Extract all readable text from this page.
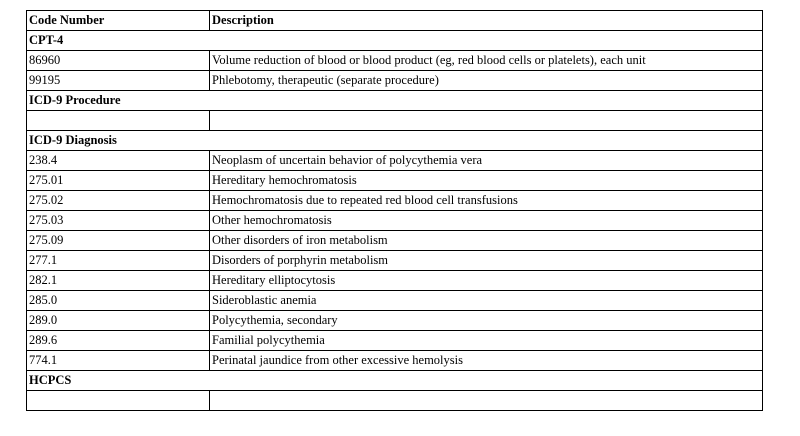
Code Number	Description
CPT-4	
86960	Volume reduction of blood or blood product (eg, red blood cells or platelets), each unit
99195	Phlebotomy, therapeutic (separate procedure)
ICD-9 Procedure	

ICD-9 Diagnosis	
238.4	Neoplasm of uncertain behavior of polycythemia vera
275.01	Hereditary hemochromatosis
275.02	Hemochromatosis due to repeated red blood cell transfusions
275.03	Other hemochromatosis
275.09	Other disorders of iron metabolism
277.1	Disorders of porphyrin metabolism
282.1	Hereditary elliptocytosis
285.0	Sideroblastic anemia
289.0	Polycythemia, secondary
289.6	Familial polycythemia
774.1	Perinatal jaundice from other excessive hemolysis
HCPCS	
